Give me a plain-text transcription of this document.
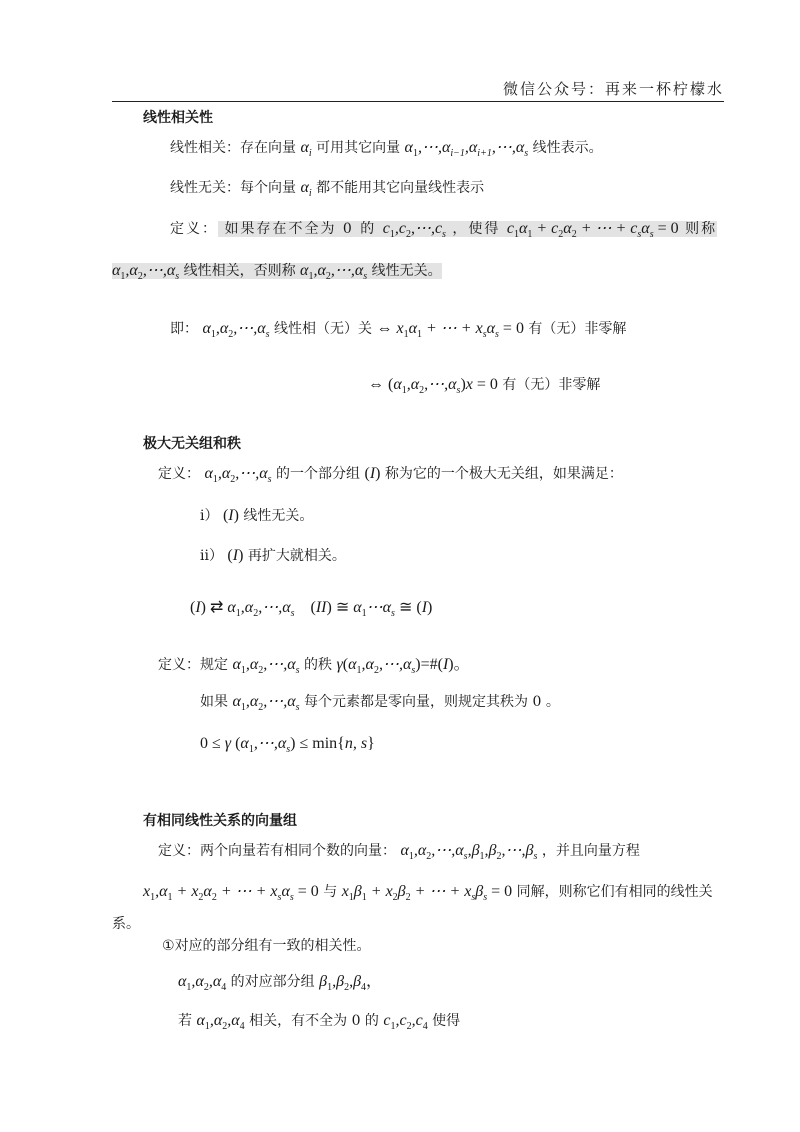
微信公众号：再来一杯柠檬水
线性相关性
线性相关：存在向量 $\alpha_i$ 可用其它向量 $\alpha_1,\cdots,\alpha_{i-1},\alpha_{i+1},\cdots,\alpha_s$ 线性表示。
线性无关：每个向量 $\alpha_i$ 都不能用其它向量线性表示
定义： 如果存在不全为 0 的 $c_1,c_2,\cdots,c_s$ ，使得 $c_1\alpha_1 + c_2\alpha_2$ + ⋯ + $c_s\alpha_s = 0$ 则称
$\alpha_1,\alpha_2,\cdots,\alpha_s$ 线性相关，否则称 $\alpha_1,\alpha_2,\cdots,\alpha_s$ 线性无关。
即： $\alpha_1,\alpha_2,\cdots,\alpha_s$ 线性相（无）关 ⇔ $x_1\alpha_1$ + ⋯ + $x_s\alpha_s = 0$ 有（无）非零解
⇔ $(\alpha_1,\alpha_2,\cdots,\alpha_s)x = 0$ 有（无）非零解
极大无关组和秩
定义： $\alpha_1,\alpha_2,\cdots,\alpha_s$ 的一个部分组 (I) 称为它的一个极大无关组，如果满足：
i） (I) 线性无关。
ii） (I) 再扩大就相关。
(I) ⇄ $\alpha_1,\alpha_2,\cdots,\alpha_s$ (II) ≅ $\alpha_1\cdots\alpha_s$ ≅ (I)
定义：规定 $\alpha_1,\alpha_2,\cdots,\alpha_s$ 的秩 $\gamma(\alpha_1,\alpha_2,\cdots,\alpha_s)=\#(I)$。
如果 $\alpha_1,\alpha_2,\cdots,\alpha_s$ 每个元素都是零向量，则规定其秩为 0 。
0 ≤ γ $(\alpha_1,\cdots,\alpha_s) \le \min\{n$, s}
有相同线性关系的向量组
定义：两个向量若有相同个数的向量： $\alpha_1,\alpha_2,\cdots,\alpha_s,\beta_1,\beta_2,\cdots,\beta_s$ ，并且向量方程
$x_1,\alpha_1 + x_2\alpha_2$ + ⋯ + $x_s\alpha_s = 0$ 与 $x_1\beta_1 + x_2\beta_2$ + ⋯ + $x_s\beta_s = 0$ 同解，则称它们有相同的线性关
系。
①对应的部分组有一致的相关性。
$\alpha_1,\alpha_2,\alpha_4$ 的对应部分组 $\beta_1,\beta_2,\beta_4$，
若 $\alpha_1,\alpha_2,\alpha_4$ 相关，有不全为 0 的 $c_1,c_2,c_4$ 使得
